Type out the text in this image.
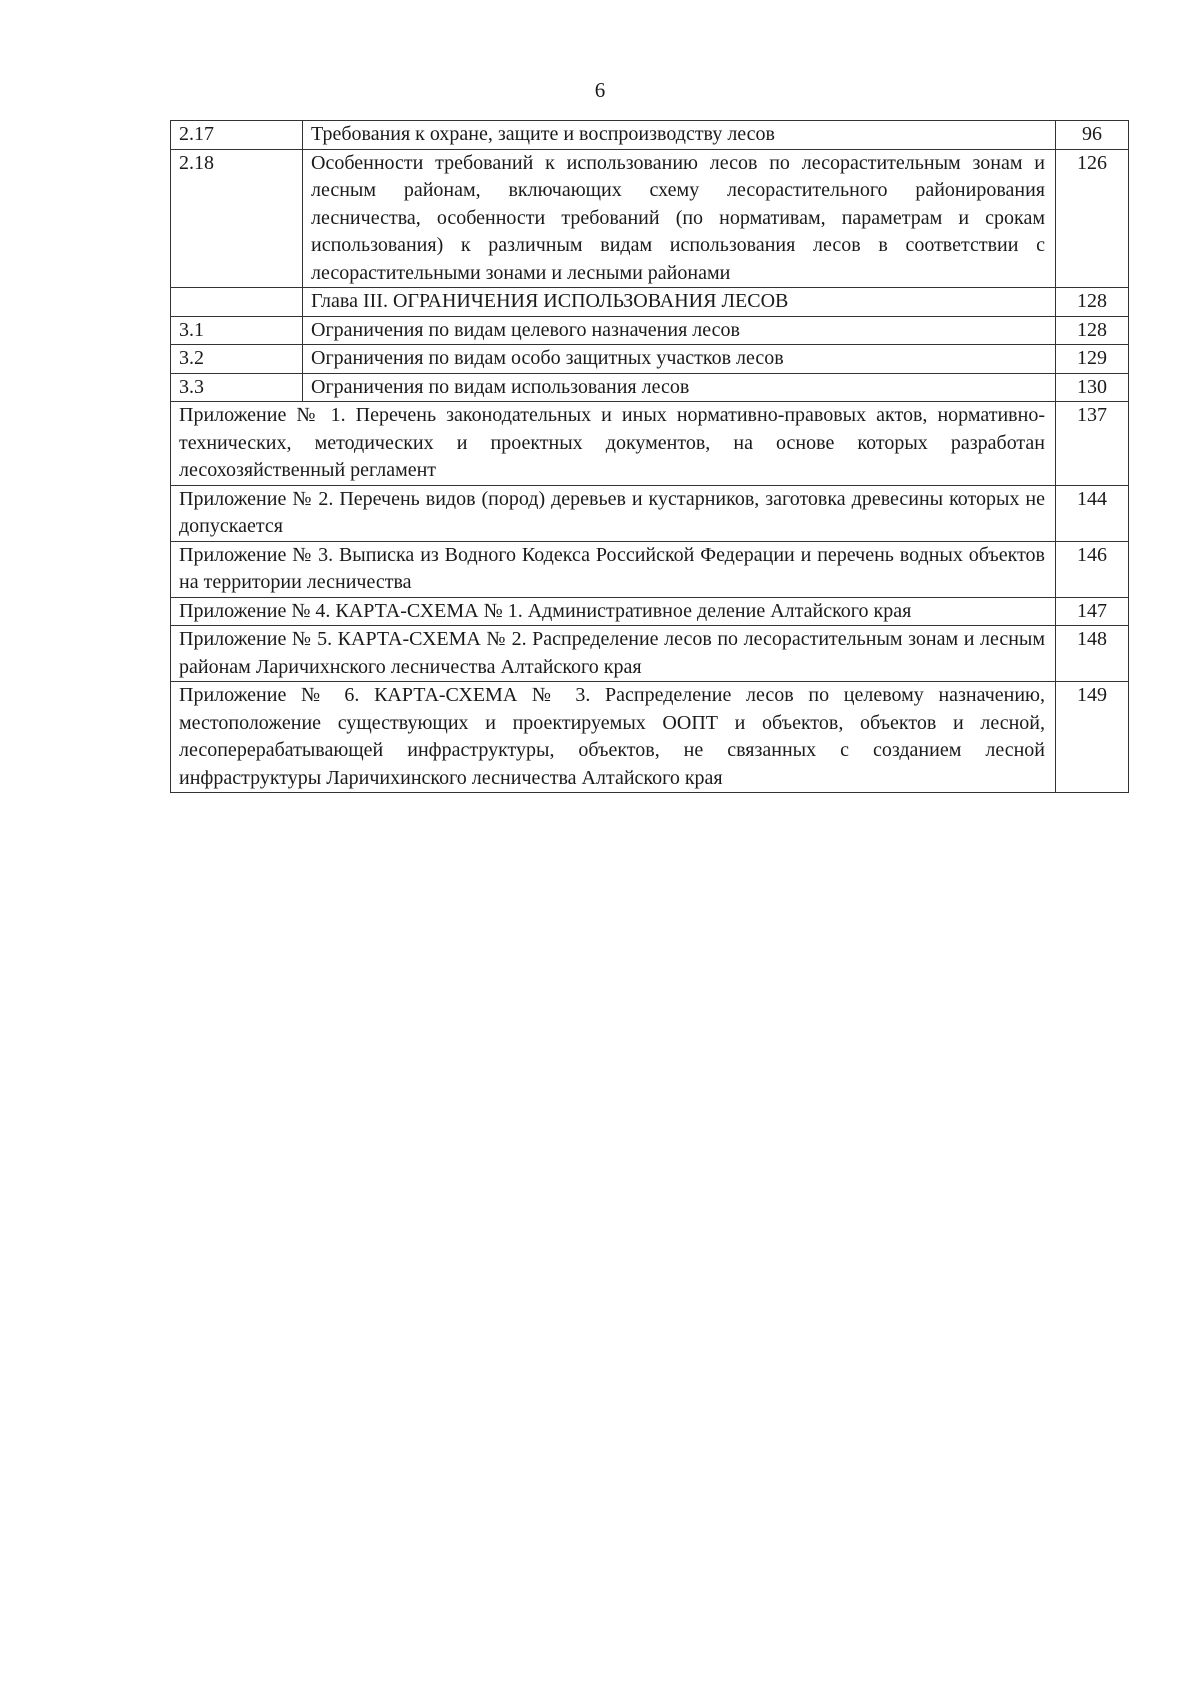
6
2.17	Требования к охране, защите и воспроизводству лесов	96
2.18	Особенности требований к использованию лесов по лесорастительным зонам и лесным районам, включающих схему лесорастительного районирования лесничества, особенности требований (по нормативам, параметрам и срокам использования) к различным видам использования лесов в соответствии с лесорастительными зонами и лесными районами	126
	Глава III. ОГРАНИЧЕНИЯ ИСПОЛЬЗОВАНИЯ ЛЕСОВ	128
3.1	Ограничения по видам целевого назначения лесов	128
3.2	Ограничения по видам особо защитных участков лесов	129
3.3	Ограничения по видам использования лесов	130
Приложение № 1. Перечень законодательных и иных нормативно-правовых актов, нормативно-технических, методических и проектных документов, на основе которых разработан лесохозяйственный регламент		137
Приложение № 2. Перечень видов (пород) деревьев и кустарников, заготовка древесины которых не допускается		144
Приложение № 3. Выписка из Водного Кодекса Российской Федерации и перечень водных объектов на территории лесничества		146
Приложение № 4. КАРТА-СХЕМА № 1. Административное деление Алтайского края		147
Приложение № 5. КАРТА-СХЕМА № 2. Распределение лесов по лесорастительным зонам и лесным районам Ларичихнского лесничества Алтайского края		148
Приложение № 6. КАРТА-СХЕМА № 3. Распределение лесов по целевому назначению, местоположение существующих и проектируемых ООПТ и объектов, объектов и лесной, лесоперерабатывающей инфраструктуры, объектов, не связанных с созданием лесной инфраструктуры Ларичихинского лесничества Алтайского края		149
